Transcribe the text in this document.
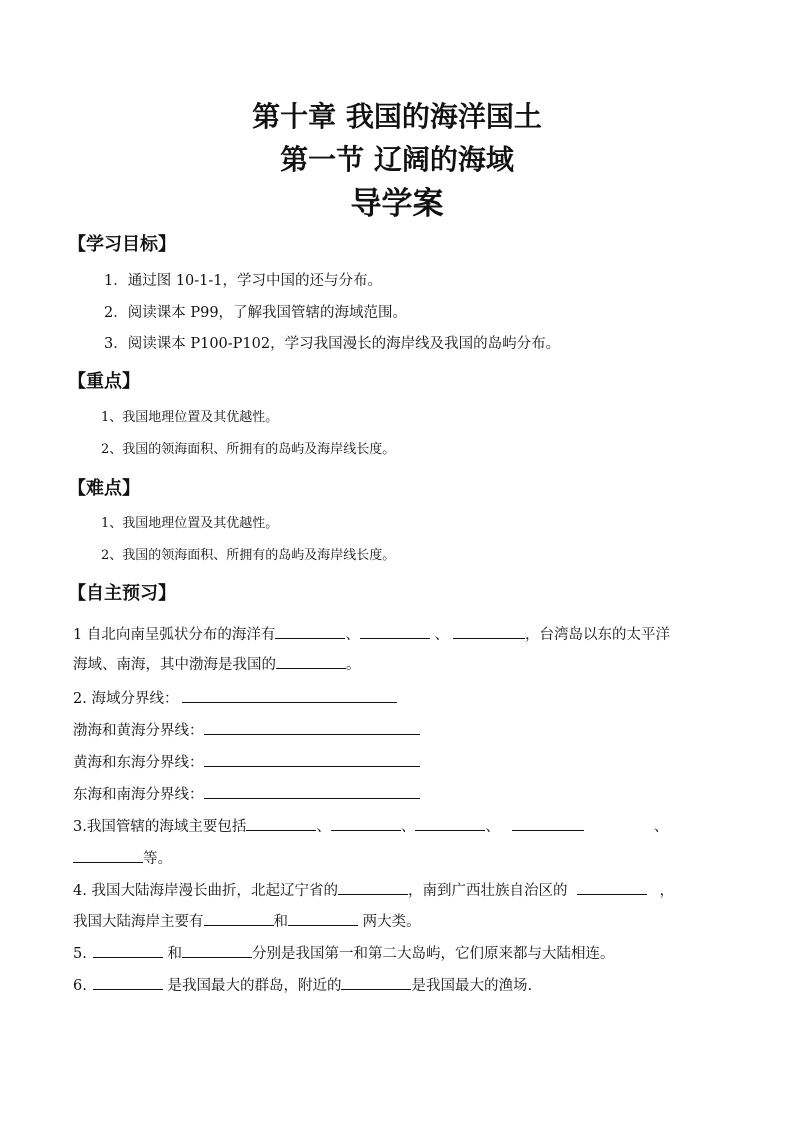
第十章 我国的海洋国土
第一节 辽阔的海域
导学案
【学习目标】
1．通过图 10-1-1，学习中国的还与分布。
2．阅读课本 P99，了解我国管辖的海域范围。
3．阅读课本 P100-P102，学习我国漫长的海岸线及我国的岛屿分布。
【重点】
1、我国地理位置及其优越性。
2、我国的领海面积、所拥有的岛屿及海岸线长度。
【难点】
1、我国地理位置及其优越性。
2、我国的领海面积、所拥有的岛屿及海岸线长度。
【自主预习】
1 自北向南呈弧状分布的海洋有	、	、	，台湾岛以东的太平洋
海域、南海，其中渤海是我国的	。
2. 海域分界线：
渤海和黄海分界线：
黄海和东海分界线：
东海和南海分界线：
3.我国管辖的海域主要包括	、	、	、	、
等。
4. 我国大陆海岸漫长曲折，北起辽宁省的	，南到广西壮族自治区的	，
我国大陆海岸主要有	和	两大类。
5.	和	分别是我国第一和第二大岛屿，它们原来都与大陆相连。
6.	是我国最大的群岛，附近的	是我国最大的渔场.
